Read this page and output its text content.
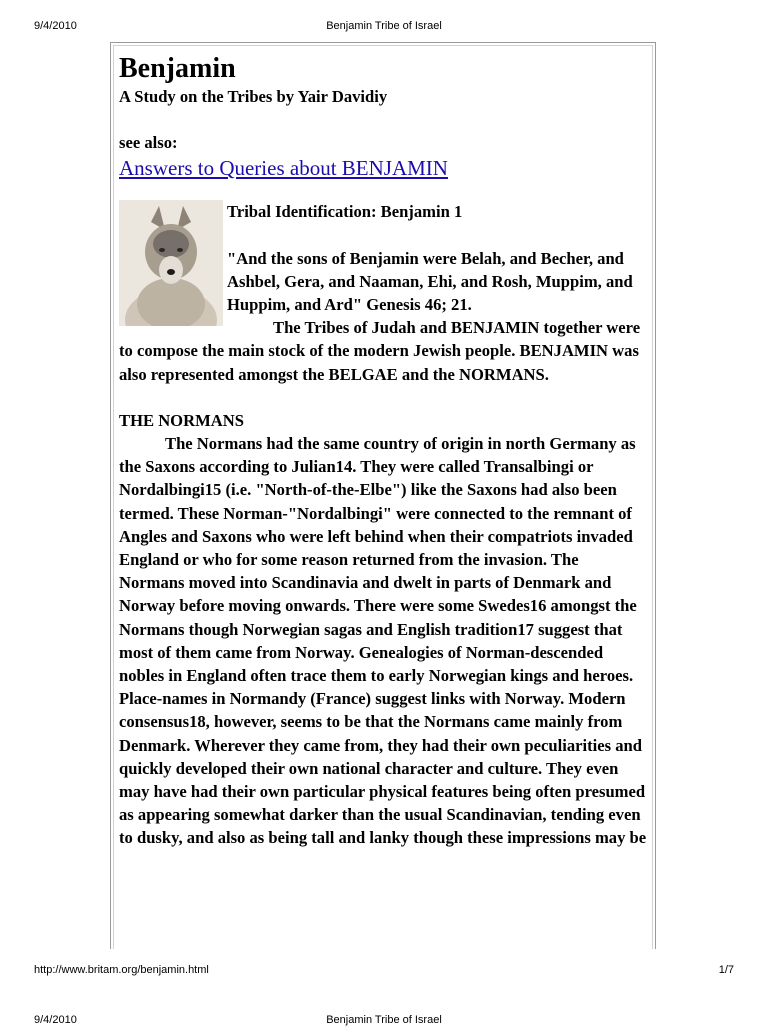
9/4/2010	Benjamin Tribe of Israel
Benjamin

A Study on the Tribes by Yair Davidiy

see also:

Answers to Queries about BENJAMIN

Tribal Identification: Benjamin 1

"And the sons of Benjamin were Belah, and Becher, and Ashbel, Gera, and Naaman, Ehi, and Rosh, Muppim, and Huppim, and Ard" Genesis 46; 21.

The Tribes of Judah and BENJAMIN together were to compose the main stock of the modern Jewish people. BENJAMIN was also represented amongst the BELGAE and the NORMANS.

THE NORMANS

The Normans had the same country of origin in north Germany as the Saxons according to Julian14. They were called Transalbingi or Nordalbingi15 (i.e. "North-of-the-Elbe") like the Saxons had also been termed. These Norman-"Nordalbingi" were connected to the remnant of Angles and Saxons who were left behind when their compatriots invaded England or who for some reason returned from the invasion. The Normans moved into Scandinavia and dwelt in parts of Denmark and Norway before moving onwards. There were some Swedes16 amongst the Normans though Norwegian sagas and English tradition17 suggest that most of them came from Norway. Genealogies of Norman-descended nobles in England often trace them to early Norwegian kings and heroes. Place-names in Normandy (France) suggest links with Norway. Modern consensus18, however, seems to be that the Normans came mainly from Denmark. Wherever they came from, they had their own peculiarities and quickly developed their own national character and culture. They even may have had their own particular physical features being often presumed as appearing somewhat darker than the usual Scandinavian, tending even to dusky, and also as being tall and lanky though these impressions may be

http://www.britam.org/benjamin.html	1/7
9/4/2010	Benjamin Tribe of Israel
